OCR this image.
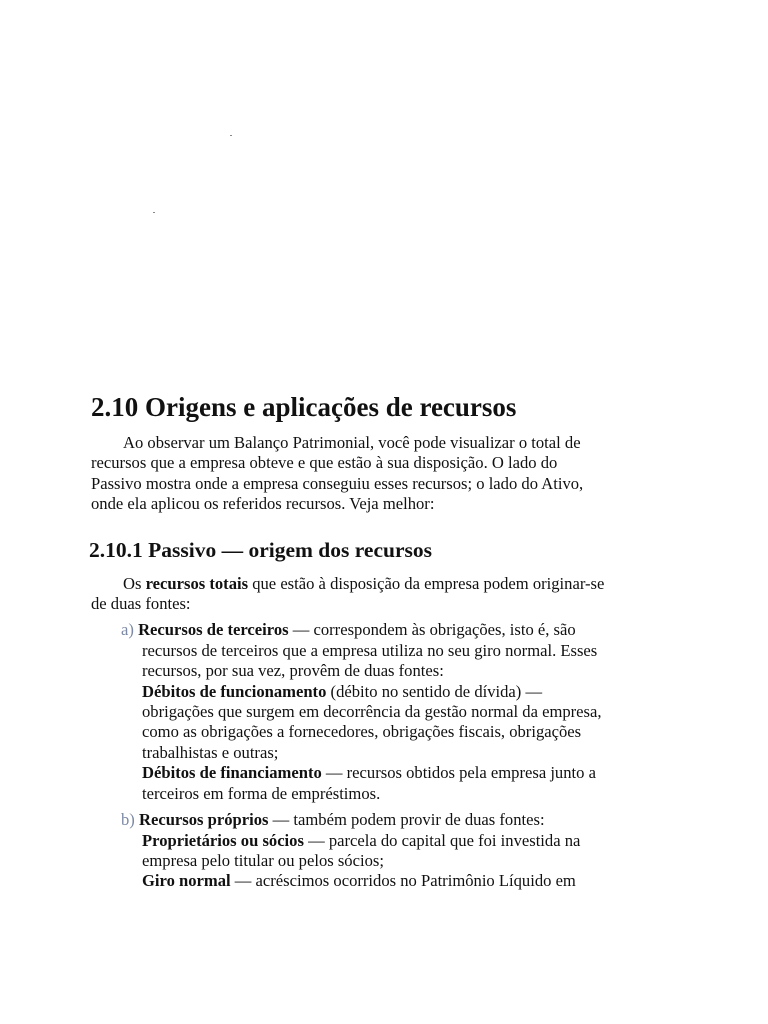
2.10 Origens e aplicações de recursos

Ao observar um Balanço Patrimonial, você pode visualizar o total de

recursos que a empresa obteve e que estão à sua disposição. O lado do

Passivo mostra onde a empresa conseguiu esses recursos; o lado do Ativo,

onde ela aplicou os referidos recursos. Veja melhor:

2.10.1 Passivo — origem dos recursos

Os recursos totais que estão à disposição da empresa podem originar-se

de duas fontes:

a) Recursos de terceiros — correspondem às obrigações, isto é, são

recursos de terceiros que a empresa utiliza no seu giro normal. Esses

recursos, por sua vez, provêm de duas fontes:

Débitos de funcionamento (débito no sentido de dívida) —

obrigações que surgem em decorrência da gestão normal da empresa,

como as obrigações a fornecedores, obrigações fiscais, obrigações

trabalhistas e outras;

Débitos de financiamento — recursos obtidos pela empresa junto a

terceiros em forma de empréstimos.

b) Recursos próprios — também podem provir de duas fontes:

Proprietários ou sócios — parcela do capital que foi investida na

empresa pelo titular ou pelos sócios;

Giro normal — acréscimos ocorridos no Patrimônio Líquido em
